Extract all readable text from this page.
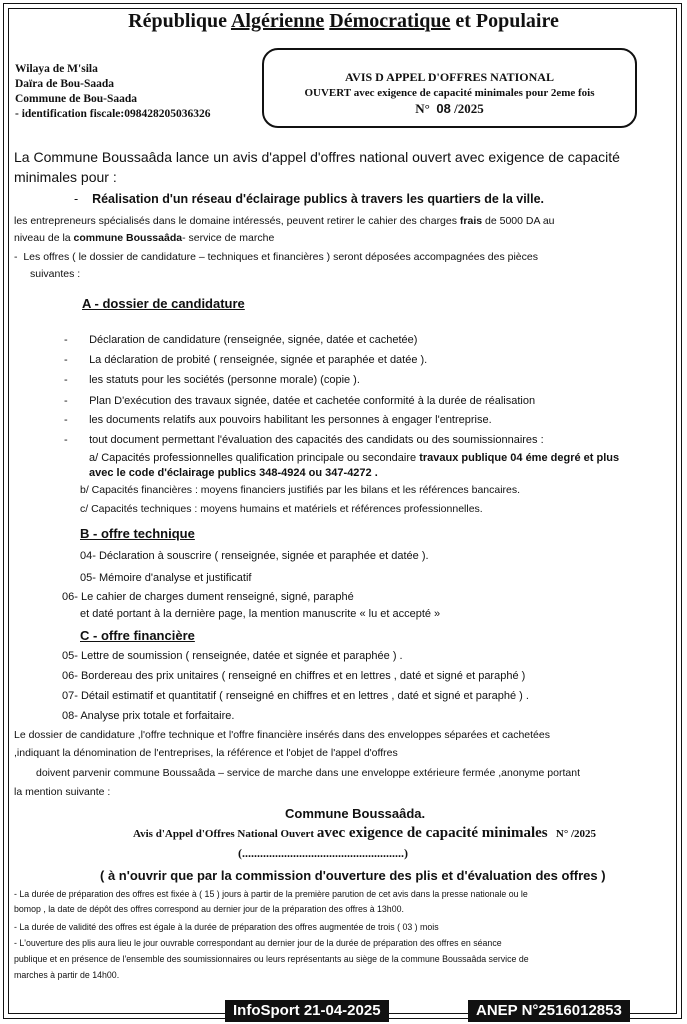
République Algérienne Démocratique et Populaire
Wilaya de M'sila
Daïra de Bou-Saada
Commune de Bou-Saada
- identification fiscale:098428205036326
AVIS D APPEL D'OFFRES NATIONAL
OUVERT avec exigence de capacité minimales pour 2eme fois
N° 08 /2025
La Commune Boussaâda lance un avis d'appel d'offres national ouvert avec exigence de capacité
minimales pour :
-    Réalisation d'un réseau d'éclairage publics à travers les quartiers de la ville.
les entrepreneurs spécialisés dans le domaine intéressés, peuvent retirer le cahier des charges frais de 5000 DA au
niveau de la commune Boussaâda- service de marche
-  Les offres ( le dossier de candidature – techniques et financières ) seront déposées accompagnées des pièces
suivantes :
A - dossier de candidature
-       Déclaration de candidature (renseignée, signée, datée et cachetée)
-       La déclaration de probité ( renseignée, signée et paraphée et datée ).
-       les statuts pour les sociétés (personne morale) (copie ).
-       Plan D'exécution des travaux signée, datée et cachetée conformité à la durée de réalisation
-       les documents relatifs aux pouvoirs habilitant les personnes à engager l'entreprise.
-       tout document permettant l'évaluation des capacités des candidats ou des soumissionnaires :
a/ Capacités professionnelles qualification principale ou secondaire travaux publique 04 éme degré et plus
avec le code d'éclairage publics 348-4924 ou 347-4272 .
b/ Capacités financières : moyens financiers justifiés par les bilans et les références bancaires.
c/ Capacités techniques : moyens humains et matériels et références professionnelles.
B - offre technique
04- Déclaration à souscrire ( renseignée, signée et paraphée et datée ).
05- Mémoire d'analyse et justificatif
06- Le cahier de charges dument renseigné, signé, paraphé
et daté portant à la dernière page, la mention manuscrite « lu et accepté »
C - offre financière
05- Lettre de soumission ( renseignée, datée et signée et paraphée ) .
06- Bordereau des prix unitaires ( renseigné en chiffres et en lettres , daté et signé et paraphé )
07- Détail estimatif et quantitatif ( renseigné en chiffres et en lettres , daté et signé et paraphé ) .
08- Analyse prix totale et forfaitaire.
Le dossier de candidature ,l'offre technique et l'offre financière insérés dans des enveloppes séparées et cachetées
,indiquant la dénomination de l'entreprises, la référence et l'objet de l'appel d'offres
doivent parvenir commune Boussaâda – service de marche dans une enveloppe extérieure fermée ,anonyme portant
la mention suivante :
Commune Boussaâda.
Avis d'Appel d'Offres National Ouvert avec exigence de capacité minimales N° /2025
(......................................................)
( à n'ouvrir que par la commission d'ouverture des plis et d'évaluation des offres )
- La durée de préparation des offres est fixée à ( 15 ) jours à partir de la première parution de cet avis dans la presse nationale ou le
bomop , la date de dépôt des offres correspond au dernier jour de la préparation des offres à 13h00.
- La durée de validité des offres est égale à la durée de préparation des offres augmentée de trois ( 03 ) mois
- L'ouverture des plis aura lieu le jour ouvrable correspondant au dernier jour de la durée de préparation des offres en séance
publique et en présence de l'ensemble des soumissionnaires ou leurs représentants au siège de la commune Boussaâda service de
marches à partir de 14h00.
InfoSport 21-04-2025	ANEP N°2516012853
